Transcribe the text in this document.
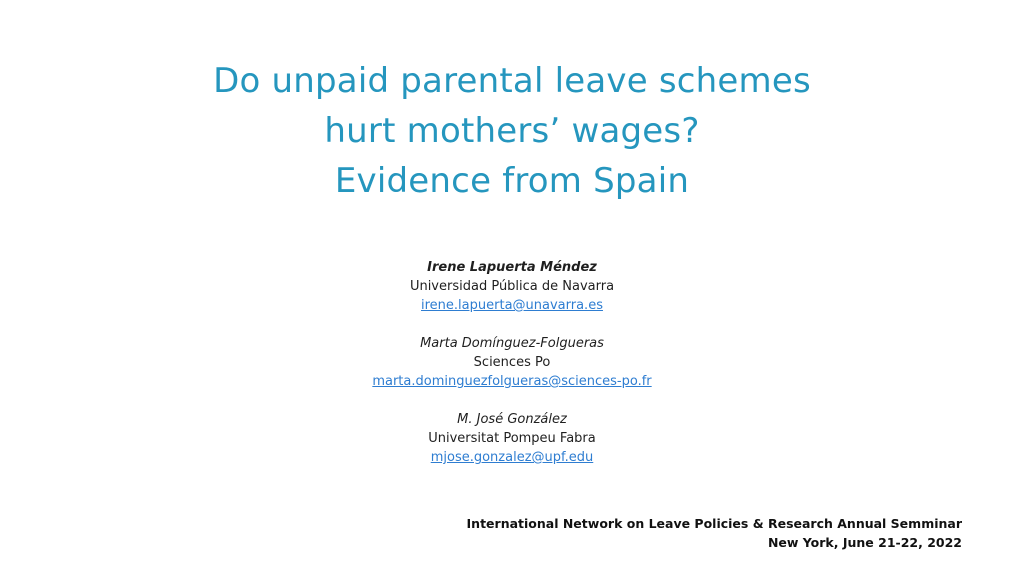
Do unpaid parental leave schemes
hurt mothers’ wages?
Evidence from Spain
Irene Lapuerta Méndez
Universidad Pública de Navarra
irene.lapuerta@unavarra.es
Marta Domínguez-Folgueras
Sciences Po
marta.dominguezfolgueras@sciences-po.fr
M. José González
Universitat Pompeu Fabra
mjose.gonzalez@upf.edu
International Network on Leave Policies & Research Annual Semminar
New York, June 21-22, 2022
